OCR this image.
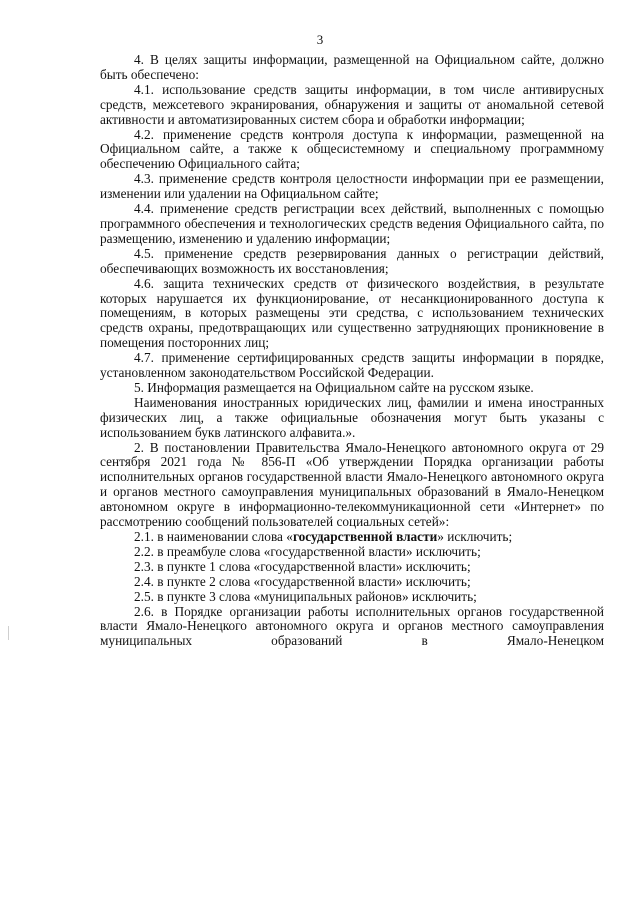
3

4. В целях защиты информации, размещенной на Официальном сайте, должно быть обеспечено:

4.1. использование средств защиты информации, в том числе антивирусных средств, межсетевого экранирования, обнаружения и защиты от аномальной сетевой активности и автоматизированных систем сбора и обработки информации;

4.2. применение средств контроля доступа к информации, размещенной на Официальном сайте, а также к общесистемному и специальному программному обеспечению Официального сайта;

4.3. применение средств контроля целостности информации при ее размещении, изменении или удалении на Официальном сайте;

4.4. применение средств регистрации всех действий, выполненных с помощью программного обеспечения и технологических средств ведения Официального сайта, по размещению, изменению и удалению информации;

4.5. применение средств резервирования данных о регистрации действий, обеспечивающих возможность их восстановления;

4.6. защита технических средств от физического воздействия, в результате которых нарушается их функционирование, от несанкционированного доступа к помещениям, в которых размещены эти средства, с использованием технических средств охраны, предотвращающих или существенно затрудняющих проникновение в помещения посторонних лиц;

4.7. применение сертифицированных средств защиты информации в порядке, установленном законодательством Российской Федерации.

5. Информация размещается на Официальном сайте на русском языке.

Наименования иностранных юридических лиц, фамилии и имена иностранных физических лиц, а также официальные обозначения могут быть указаны с использованием букв латинского алфавита.».

2. В постановлении Правительства Ямало-Ненецкого автономного округа от 29 сентября 2021 года № 856-П «Об утверждении Порядка организации работы исполнительных органов государственной власти Ямало-Ненецкого автономного округа и органов местного самоуправления муниципальных образований в Ямало-Ненецком автономном округе в информационно-телекоммуникационной сети «Интернет» по рассмотрению сообщений пользователей социальных сетей»:

2.1. в наименовании слова «государственной власти» исключить;

2.2. в преамбуле слова «государственной власти» исключить;

2.3. в пункте 1 слова «государственной власти» исключить;

2.4. в пункте 2 слова «государственной власти» исключить;

2.5. в пункте 3 слова «муниципальных районов» исключить;

2.6. в Порядке организации работы исполнительных органов государственной власти Ямало-Ненецкого автономного округа и органов местного самоуправления муниципальных образований в Ямало-Ненецком
